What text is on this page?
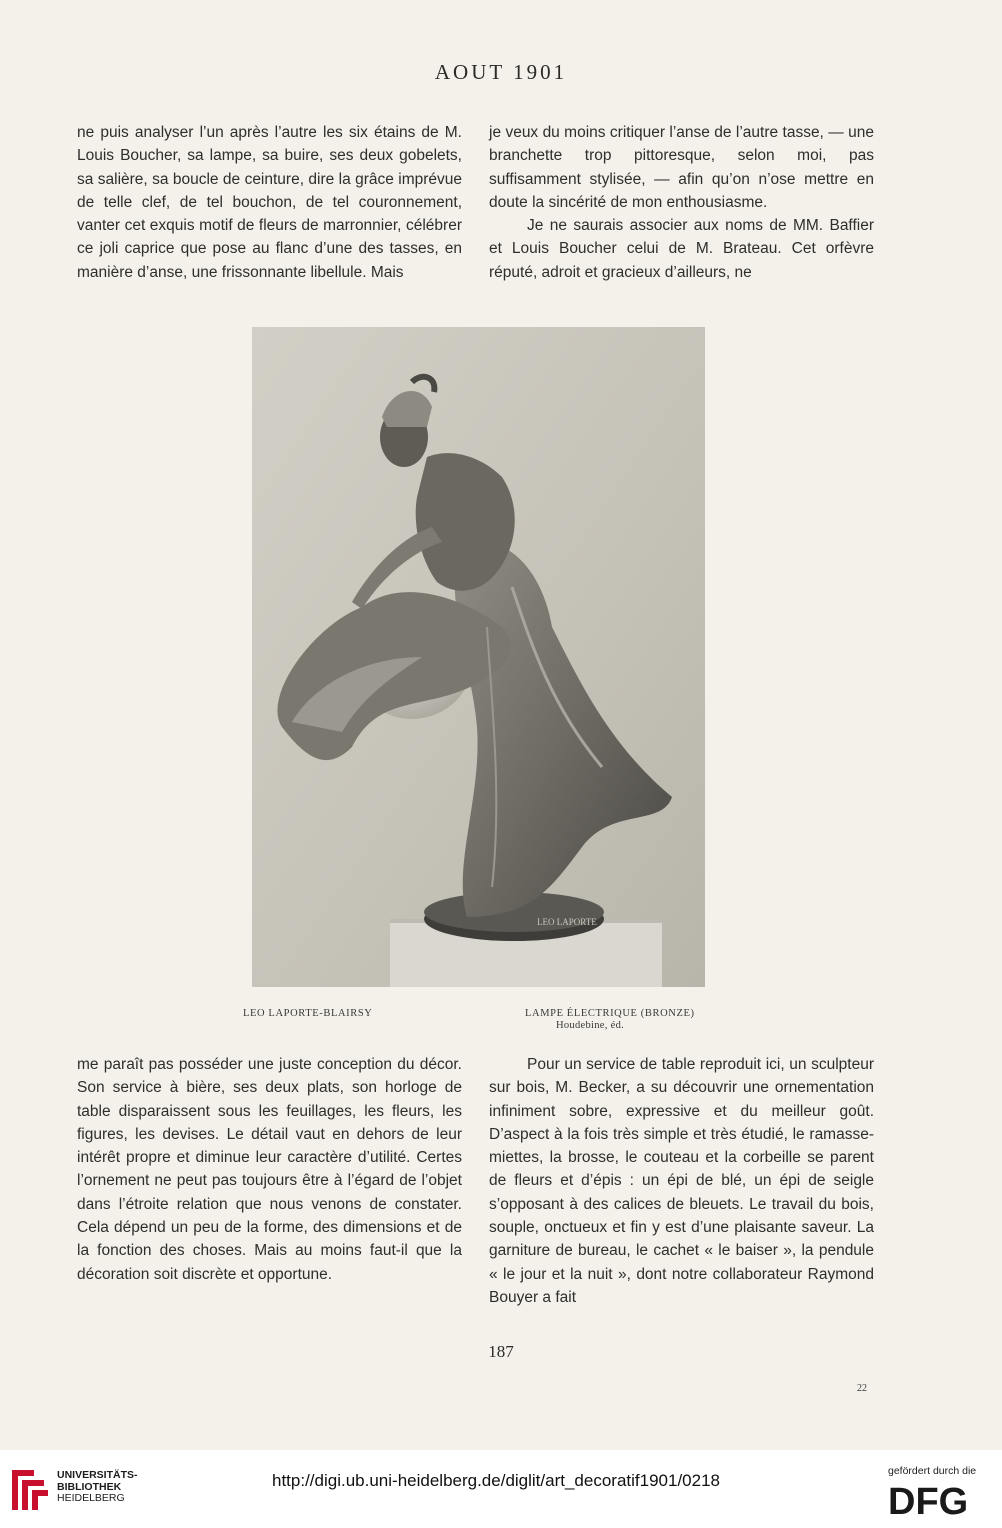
AOUT 1901

ne puis analyser l’un après l’autre les six étains de M. Louis Boucher, sa lampe, sa buire, ses deux gobelets, sa salière, sa boucle de ceinture, dire la grâce imprévue de telle clef, de tel bouchon, de tel couronnement, vanter cet exquis motif de fleurs de marronnier, célébrer ce joli caprice que pose au flanc d’une des tasses, en manière d’anse, une frissonnante libellule. Mais

je veux du moins critiquer l’anse de l’autre tasse, — une branchette trop pittoresque, selon moi, pas suffisamment stylisée, — afin qu’on n’ose mettre en doute la sincérité de mon enthousiasme.

Je ne saurais associer aux noms de MM. Baffier et Louis Boucher celui de M. Brateau. Cet orfèvre réputé, adroit et gracieux d’ailleurs, ne

LEO LAPORTE
LEO LAPORTE-BLAIRSY	LAMPE ÉLECTRIQUE (BRONZE)
Houdebine, éd.

me paraît pas posséder une juste conception du décor. Son service à bière, ses deux plats, son horloge de table disparaissent sous les feuillages, les fleurs, les figures, les devises. Le détail vaut en dehors de leur intérêt propre et diminue leur caractère d’utilité. Certes l’ornement ne peut pas toujours être à l’égard de l’objet dans l’étroite relation que nous venons de constater. Cela dépend un peu de la forme, des dimensions et de la fonction des choses. Mais au moins faut-il que la décoration soit discrète et opportune.

Pour un service de table reproduit ici, un sculpteur sur bois, M. Becker, a su découvrir une ornementation infiniment sobre, expressive et du meilleur goût. D’aspect à la fois très simple et très étudié, le ramasse-miettes, la brosse, le couteau et la corbeille se parent de fleurs et d’épis : un épi de blé, un épi de seigle s’opposant à des calices de bleuets. Le travail du bois, souple, onctueux et fin y est d’une plaisante saveur. La garniture de bureau, le cachet « le baiser », la pendule « le jour et la nuit », dont notre collaborateur Raymond Bouyer a fait

187
22
UNIVERSITÄTS-
BIBLIOTHEK
HEIDELBERG
http://digi.ub.uni-heidelberg.de/diglit/art_decoratif1901/0218	gefördert durch die
DFG
